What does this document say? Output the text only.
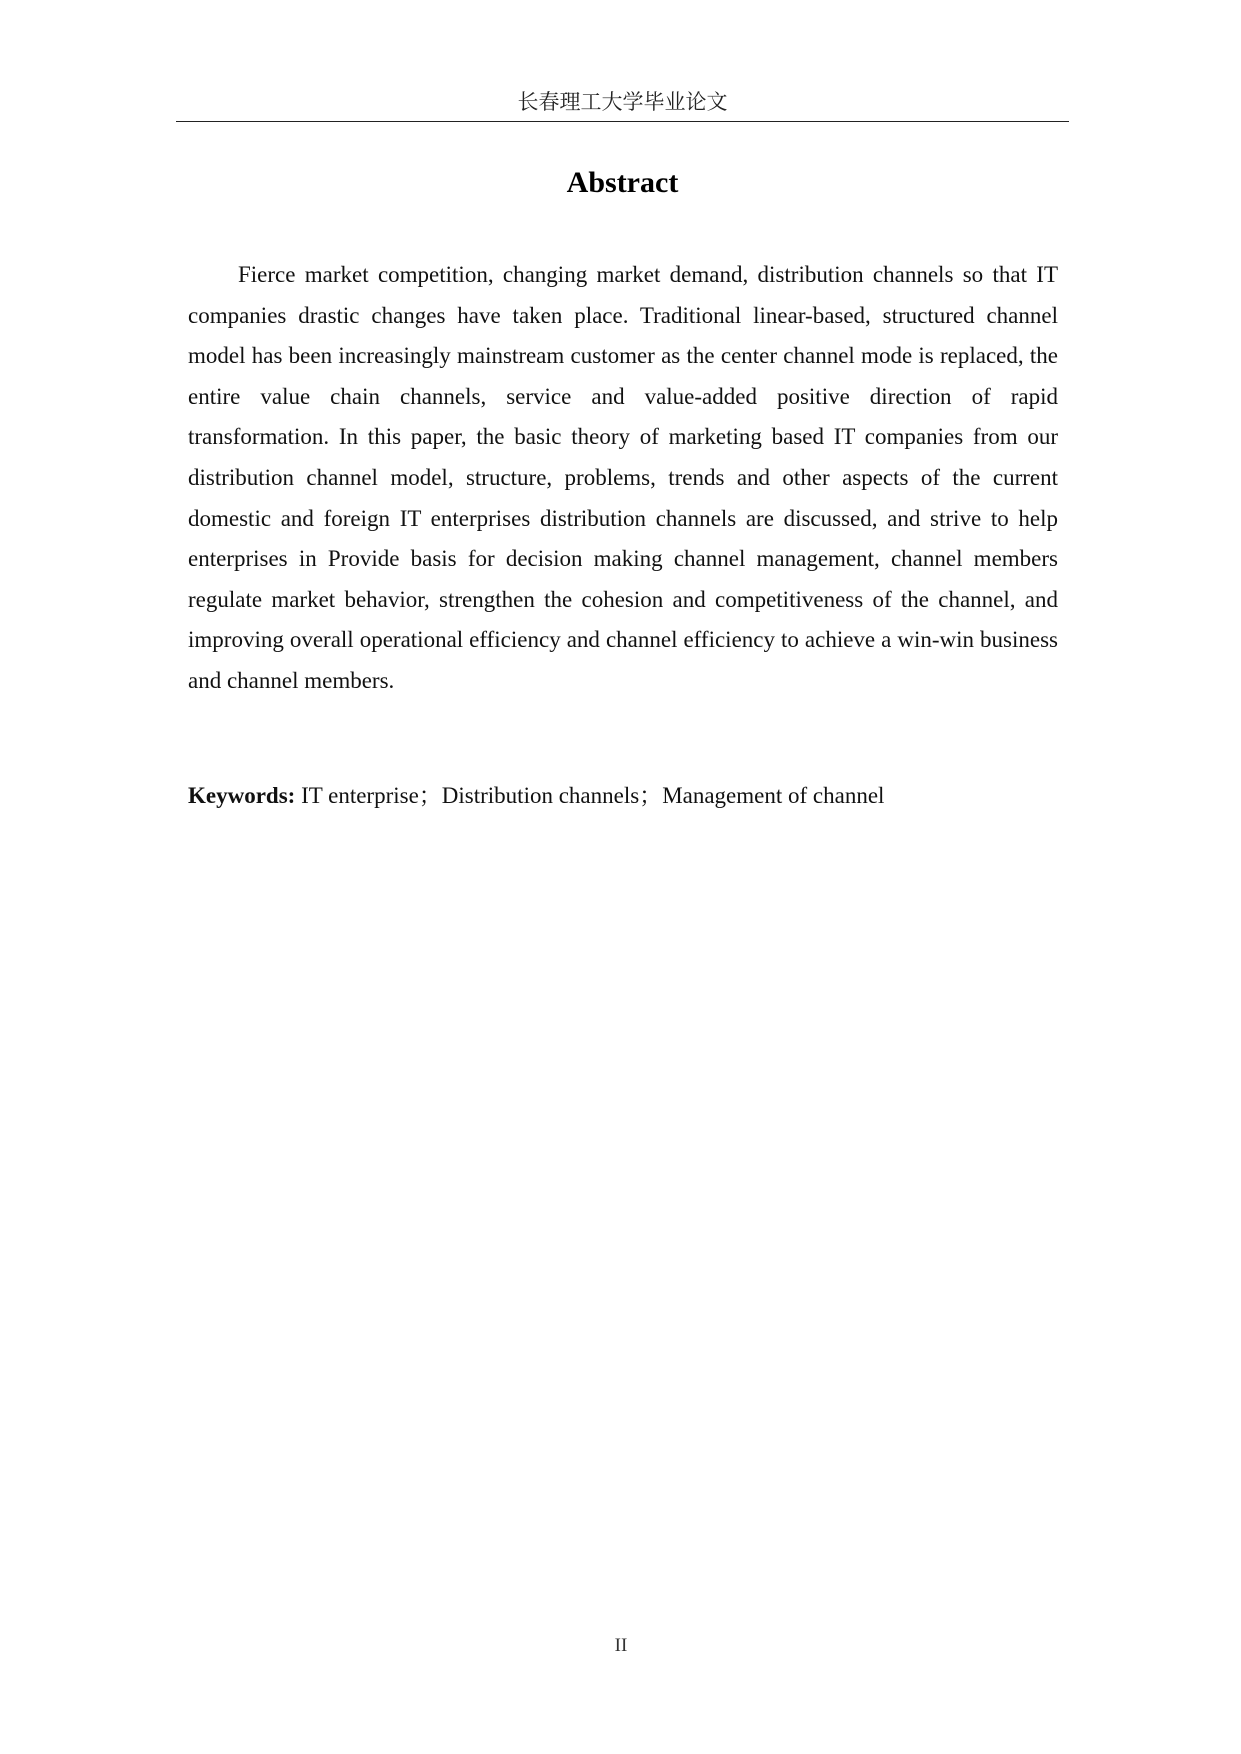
长春理工大学毕业论文
Abstract

Fierce market competition, changing market demand, distribution channels so that IT companies drastic changes have taken place. Traditional linear-based, structured channel model has been increasingly mainstream customer as the center channel mode is replaced, the entire value chain channels, service and value-added positive direction of rapid transformation. In this paper, the basic theory of marketing based IT companies from our distribution channel model, structure, problems, trends and other aspects of the current domestic and foreign IT enterprises distribution channels are discussed, and strive to help enterprises in Provide basis for decision making channel management, channel members regulate market behavior, strengthen the cohesion and competitiveness of the channel, and improving overall operational efficiency and channel efficiency to achieve a win-win business and channel members.

Keywords: IT enterprise；Distribution channels；Management of channel
II
